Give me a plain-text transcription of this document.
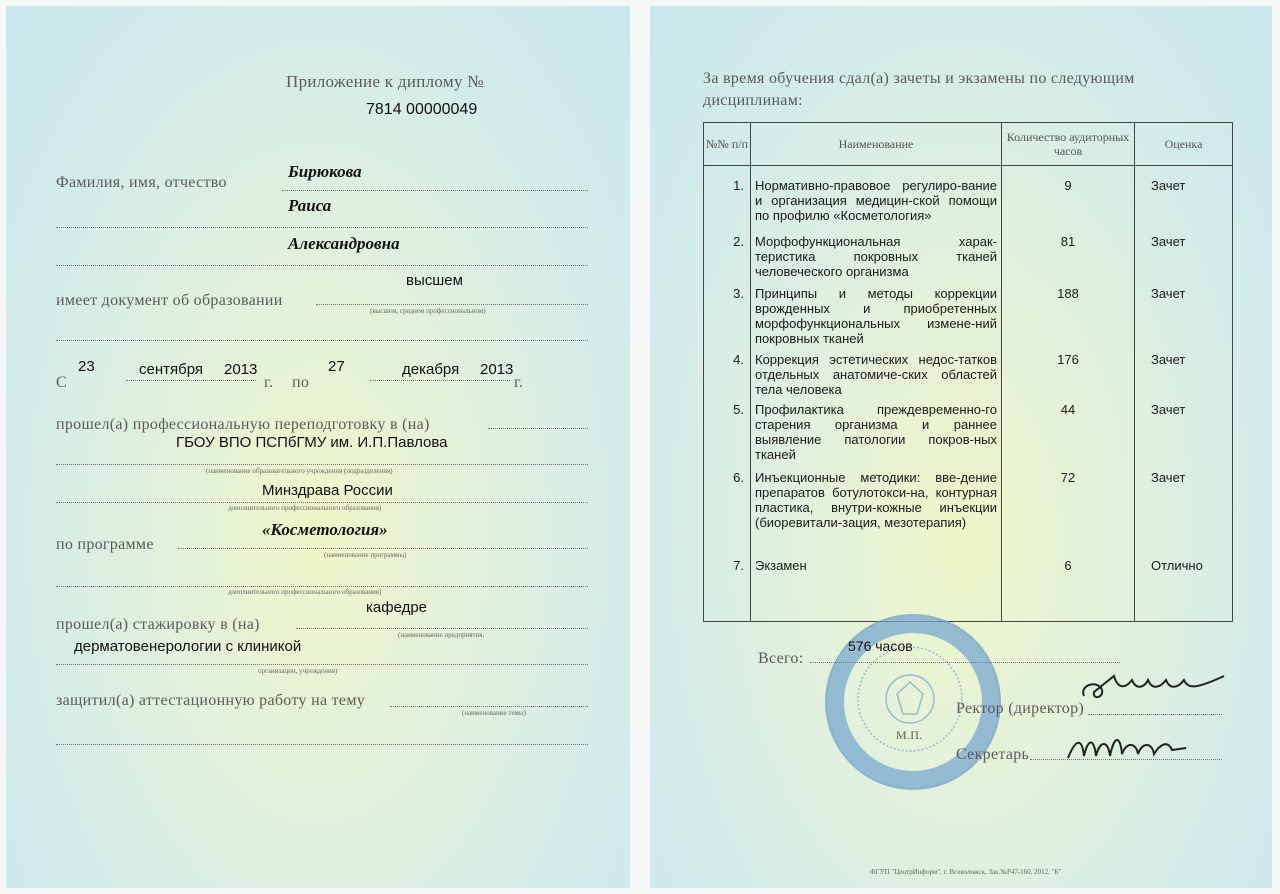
Приложение к диплому №
7814 00000049
Фамилия, имя, отчество
Бирюкова
Раиса
Александровна
высшем
имеет документ об образовании
(высшем, среднем профессиональном)
С
23	сентября 2013
г. по
27	декабря 2013
г.
прошел(а) профессиональную переподготовку в (на)
ГБОУ ВПО ПСПбГМУ им. И.П.Павлова
(наименование образовательного учреждения (подразделения)
Минздрава России
дополнительного профессионального образования)
«Косметология»
по программе
(наименование программы)
дополнительного профессионального образования)
кафедре
прошел(а) стажировку в (на)
(наименование предприятия,
дерматовенерологии с клиникой
организации, учреждения)
защитил(а) аттестационную работу на тему
(наименование темы)
За время обучения сдал(а) зачеты и экзамены по следующим
дисциплинам:
№№ п/п	Наименование	Количество аудиторных часов	Оценка
1.	Нормативно-правовое регулиро-вание и организация медицин-ской помощи по профилю «Косметология»	9	Зачет
2.	Морфофункциональная харак-теристика покровных тканей человеческого организма	81	Зачет
3.	Принципы и методы коррекции врожденных и приобретенных морфофункциональных измене-ний покровных тканей	188	Зачет
4.	Коррекция эстетических недос-татков отдельных анатомиче-ских областей тела человека	176	Зачет
5.	Профилактика преждевременно-го старения организма и раннее выявление патологии покров-ных тканей	44	Зачет
6.	Инъекционные методики: вве-дение препаратов ботулотокси-на, контурная пластика, внутри-кожные инъекции (биоревитали-зация, мезотерапия)	72	Зачет
7.	Экзамен	6	Отлично
Всего:
576 часов
Ректор (директор)
М.П.
Секретарь
ФГУП "ЦентрИнформ", г. Всеволожск, Зак.№Р47-160, 2012, "Б"
